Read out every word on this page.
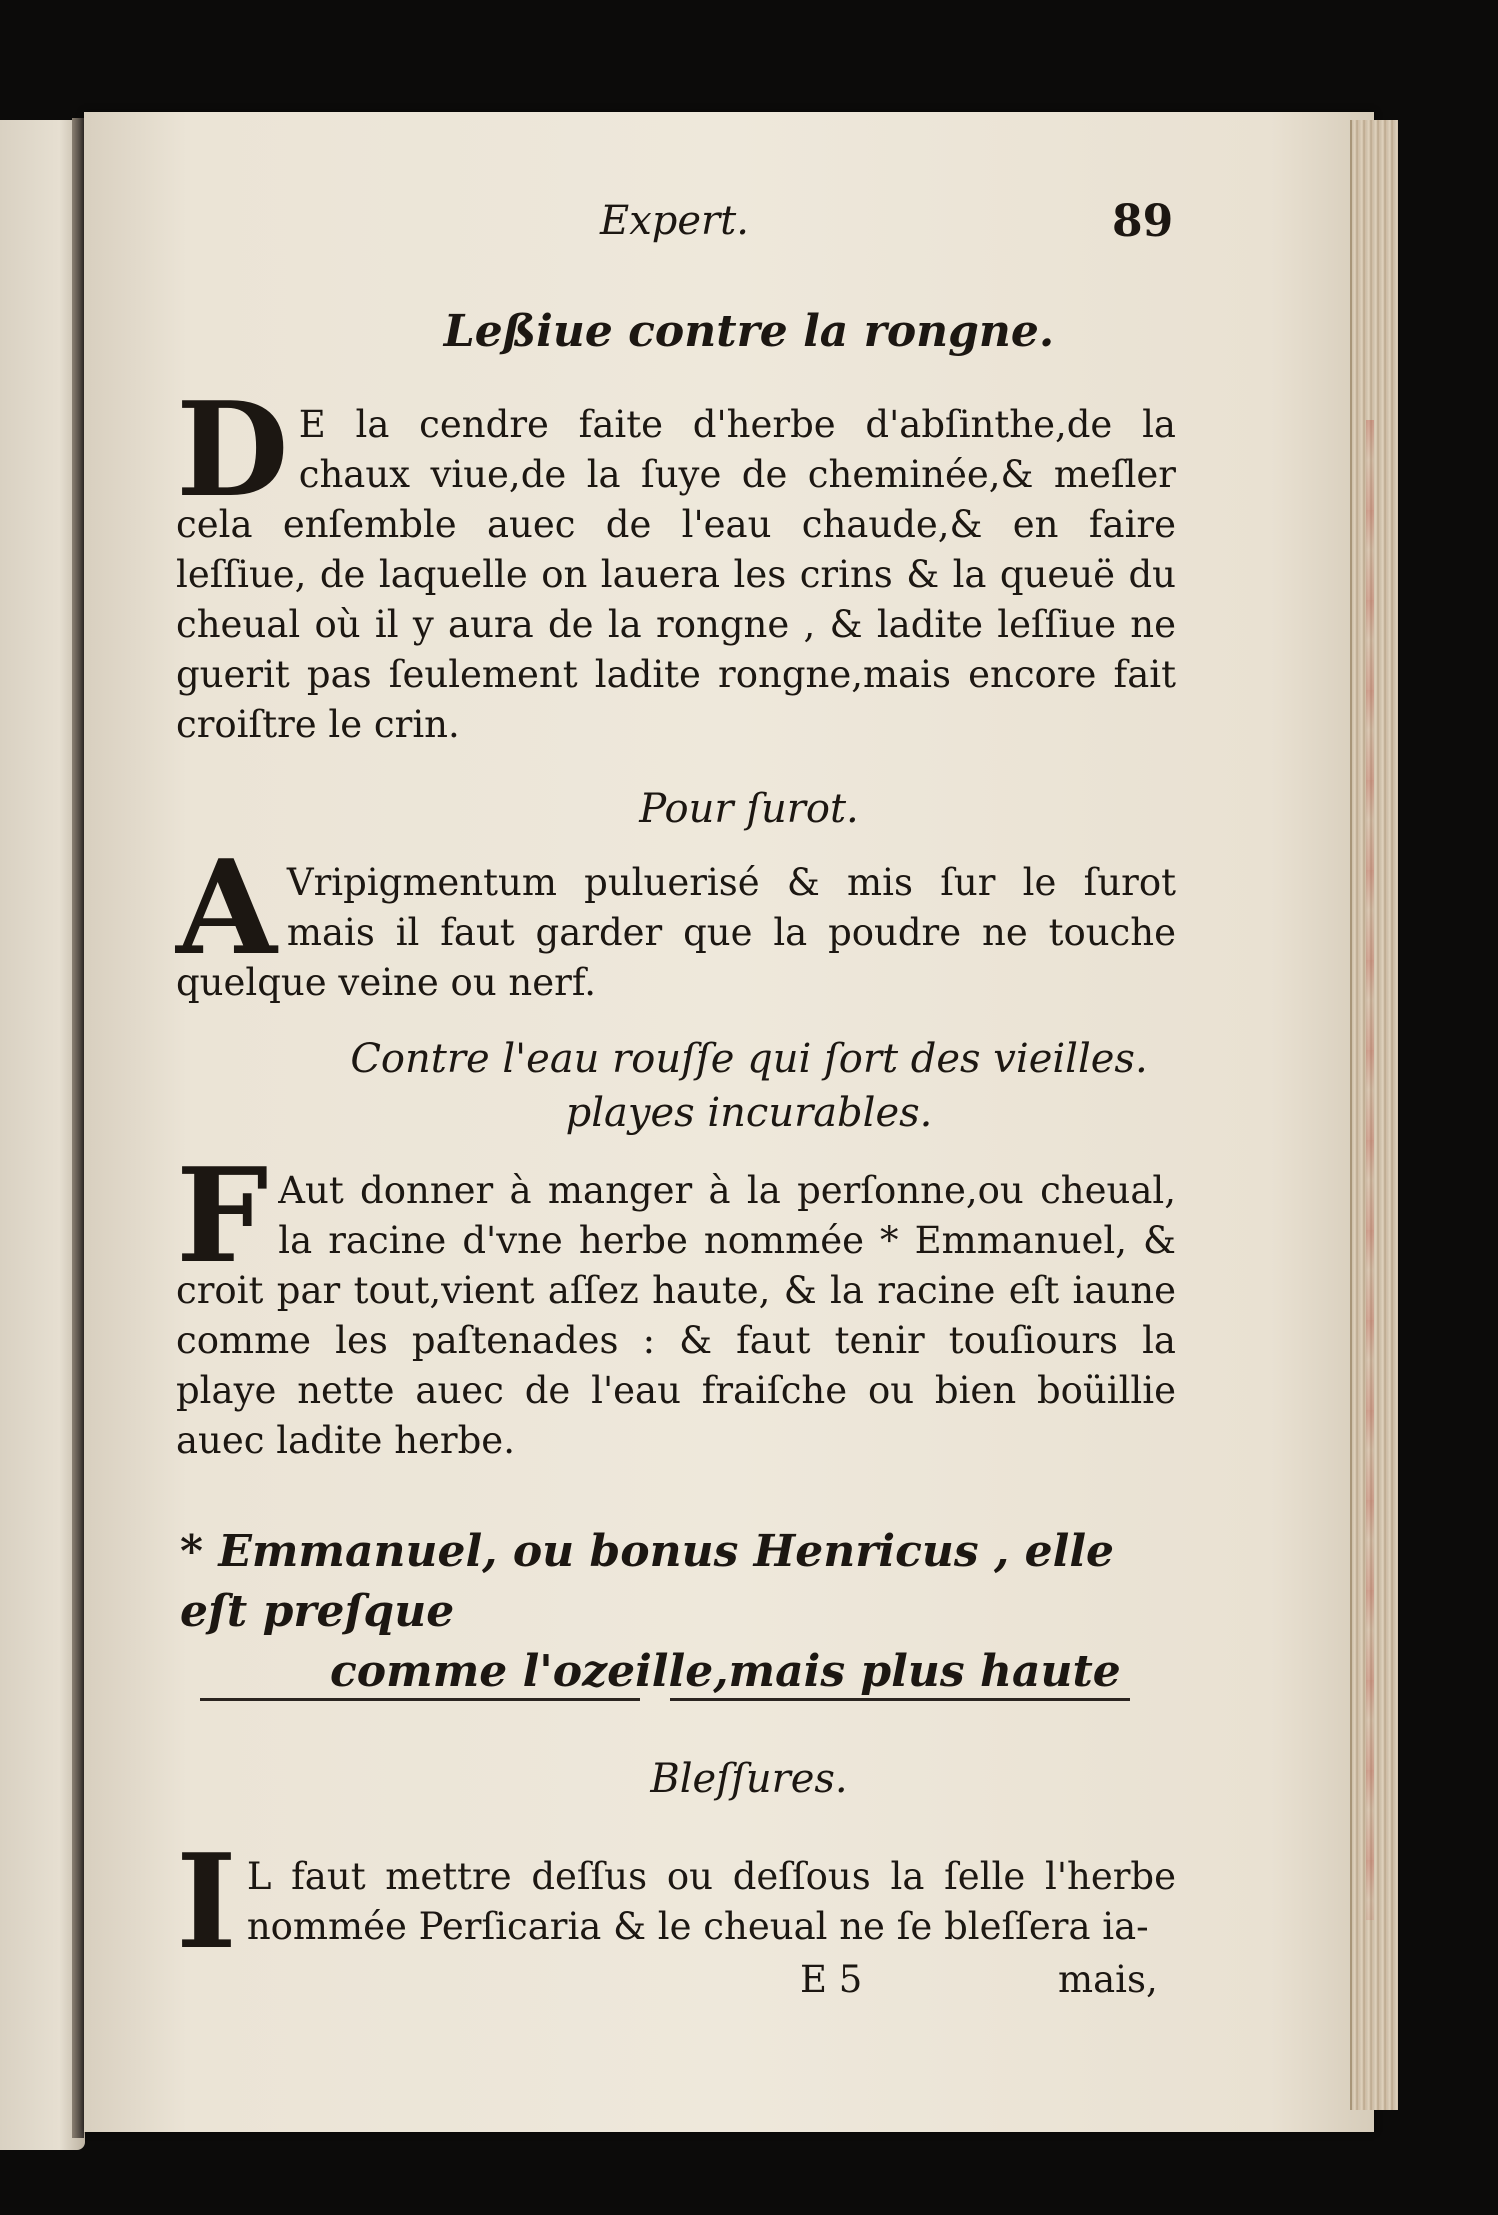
Expert.	89
Leßiue contre la rongne.
D E la cendre faite d'herbe d'abſinthe,de la chaux viue,de la ſuye de cheminée,& meſler cela enſemble auec de l'eau chaude,& en faire leſſiue, de laquelle on lauera les crins & la queuë du cheual où il y aura de la rongne , & ladite leſſiue ne guerit pas ſeulement ladite rongne,mais encore fait croiſtre le crin.
Pour ſurot.
A Vripigmentum puluerisé & mis ſur le ſurot mais il faut garder que la poudre ne touche quelque veine ou nerf.
Contre l'eau rouſſe qui ſort des vieilles.
playes incurables.
F Aut donner à manger à la perſonne,ou cheual, la racine d'vne herbe nommée * Emmanuel, & croit par tout,vient aſſez haute, & la racine eſt iaune comme les paſtenades : & faut tenir touſiours la playe nette auec de l'eau fraiſche ou bien boüillie auec ladite herbe.
* Emmanuel, ou bonus Henricus , elle eſt preſque
comme l'ozeille,mais plus haute
Bleſſures.
I L faut mettre deſſus ou deſſous la ſelle l'herbe nommée Perſicaria & le cheual ne ſe bleſſera ia-
E 5	mais,
